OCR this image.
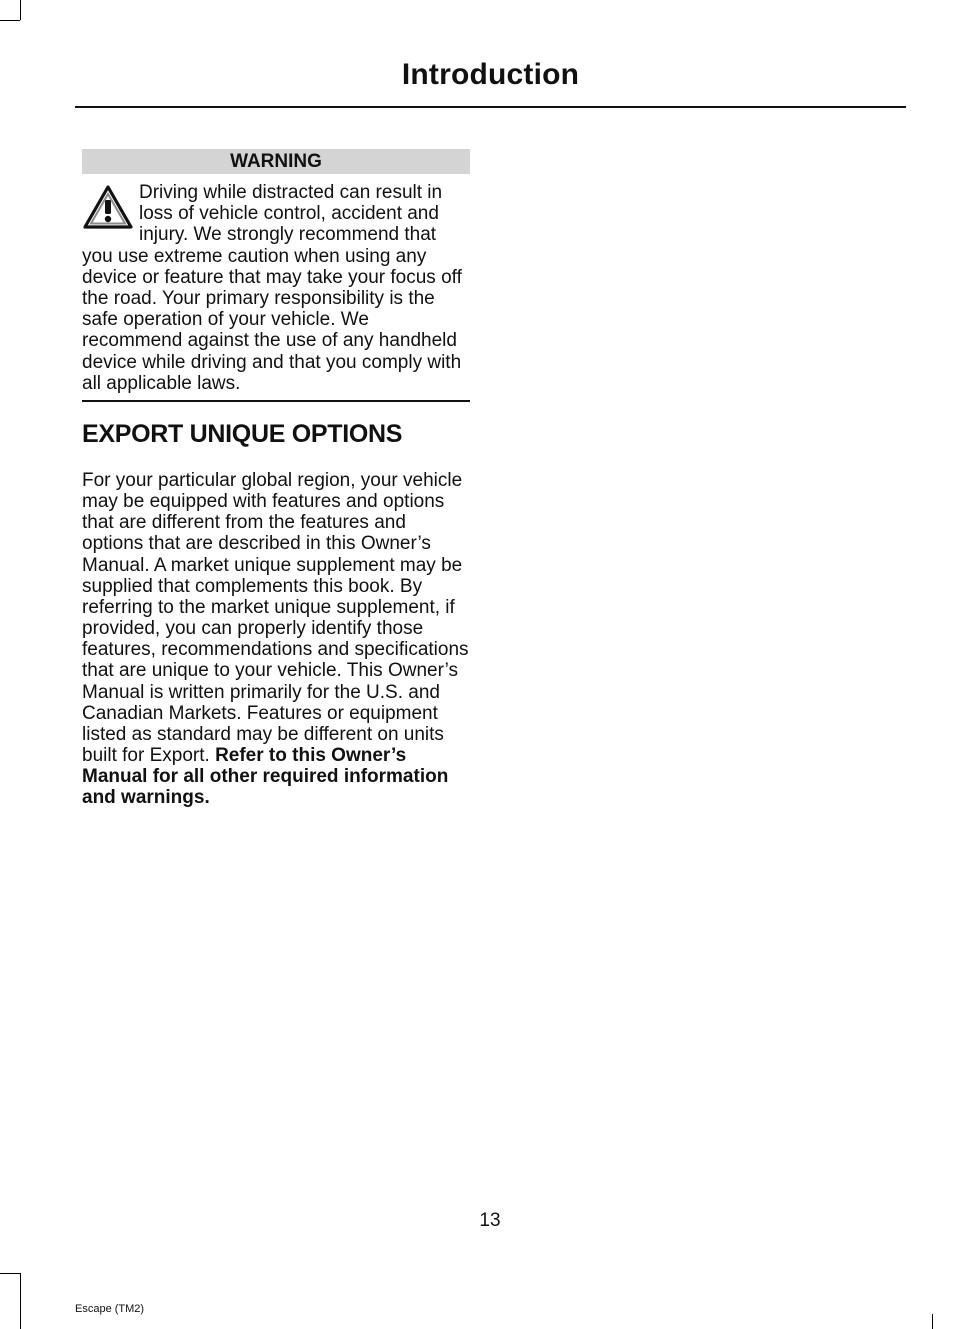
Introduction
WARNING
Driving while distracted can result in loss of vehicle control, accident and injury. We strongly recommend that you use extreme caution when using any device or feature that may take your focus off the road. Your primary responsibility is the safe operation of your vehicle. We recommend against the use of any handheld device while driving and that you comply with all applicable laws.
EXPORT UNIQUE OPTIONS
For your particular global region, your vehicle may be equipped with features and options that are different from the features and options that are described in this Owner’s Manual. A market unique supplement may be supplied that complements this book. By referring to the market unique supplement, if provided, you can properly identify those features, recommendations and specifications that are unique to your vehicle. This Owner’s Manual is written primarily for the U.S. and Canadian Markets. Features or equipment listed as standard may be different on units built for Export. Refer to this Owner’s Manual for all other required information and warnings.
13
Escape (TM2)
